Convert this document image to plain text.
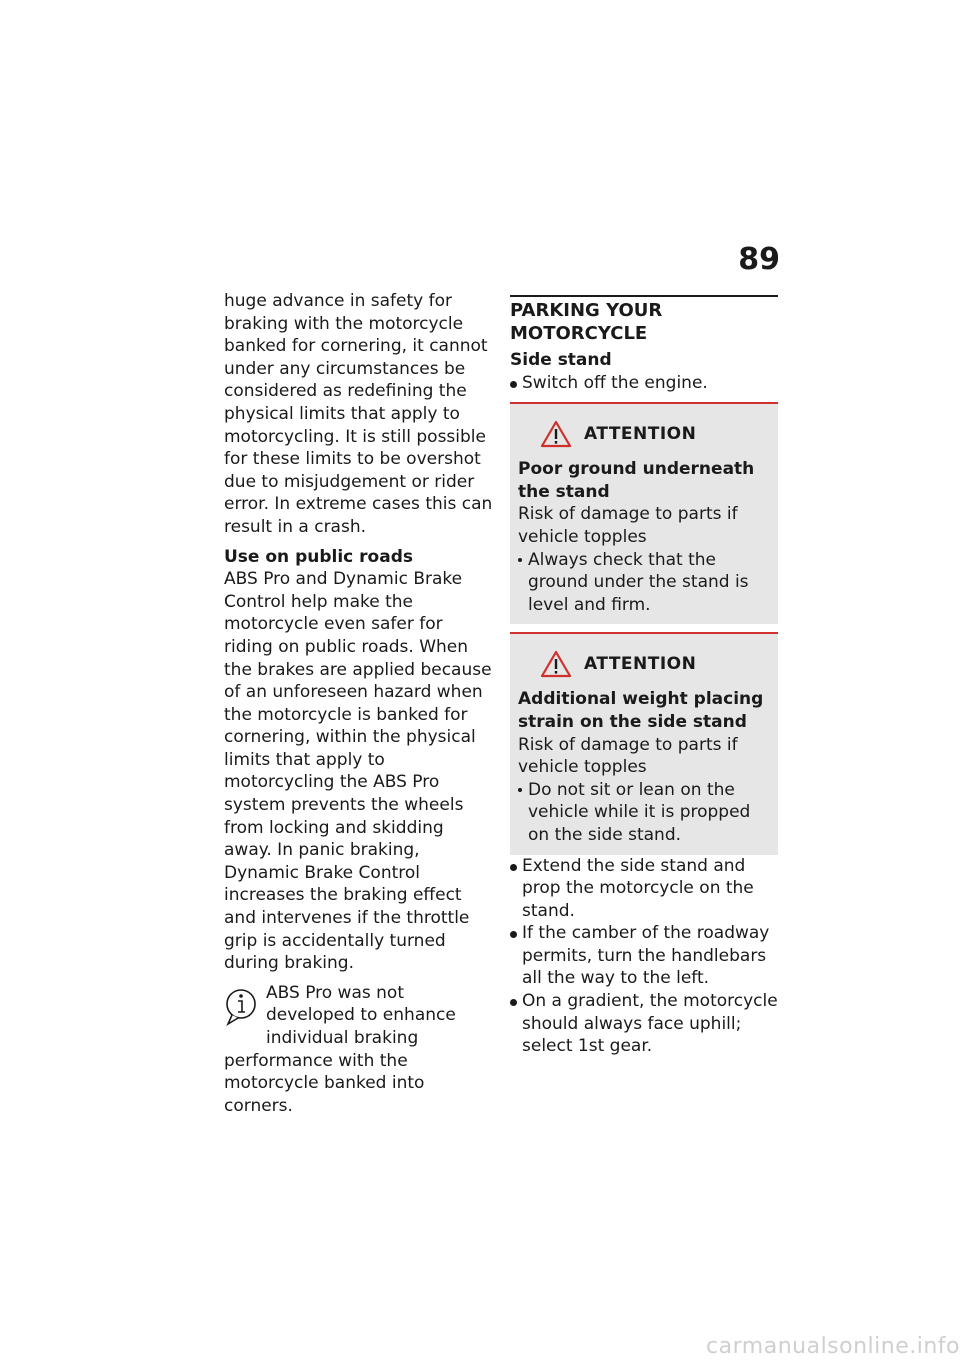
89

huge advance in safety for braking with the motorcycle banked for cornering, it cannot under any circumstances be considered as redefining the physical limits that apply to motorcycling. It is still possible for these limits to be overshot due to misjudgement or rider error. In extreme cases this can result in a crash.

Use on public roads

ABS Pro and Dynamic Brake Control help make the motorcycle even safer for riding on public roads. When the brakes are applied because of an unforeseen hazard when the motorcycle is banked for cornering, within the physical limits that apply to motorcycling the ABS Pro system prevents the wheels from locking and skidding away. In panic braking, Dynamic Brake Control increases the braking effect and intervenes if the throttle grip is accidentally turned during braking.

ABS Pro was not developed to enhance individual braking performance with the motorcycle banked into corners.

PARKING YOUR MOTORCYCLE

Side stand

Switch off the engine.
ATTENTION

Poor ground underneath the stand

Risk of damage to parts if vehicle topples

Always check that the ground under the stand is level and firm.
ATTENTION

Additional weight placing strain on the side stand

Risk of damage to parts if vehicle topples

Do not sit or lean on the vehicle while it is propped on the side stand.
Extend the side stand and prop the motorcycle on the stand.
If the camber of the roadway permits, turn the handlebars all the way to the left.
On a gradient, the motorcycle should always face uphill; select 1st gear.
carmanualsonline.info
